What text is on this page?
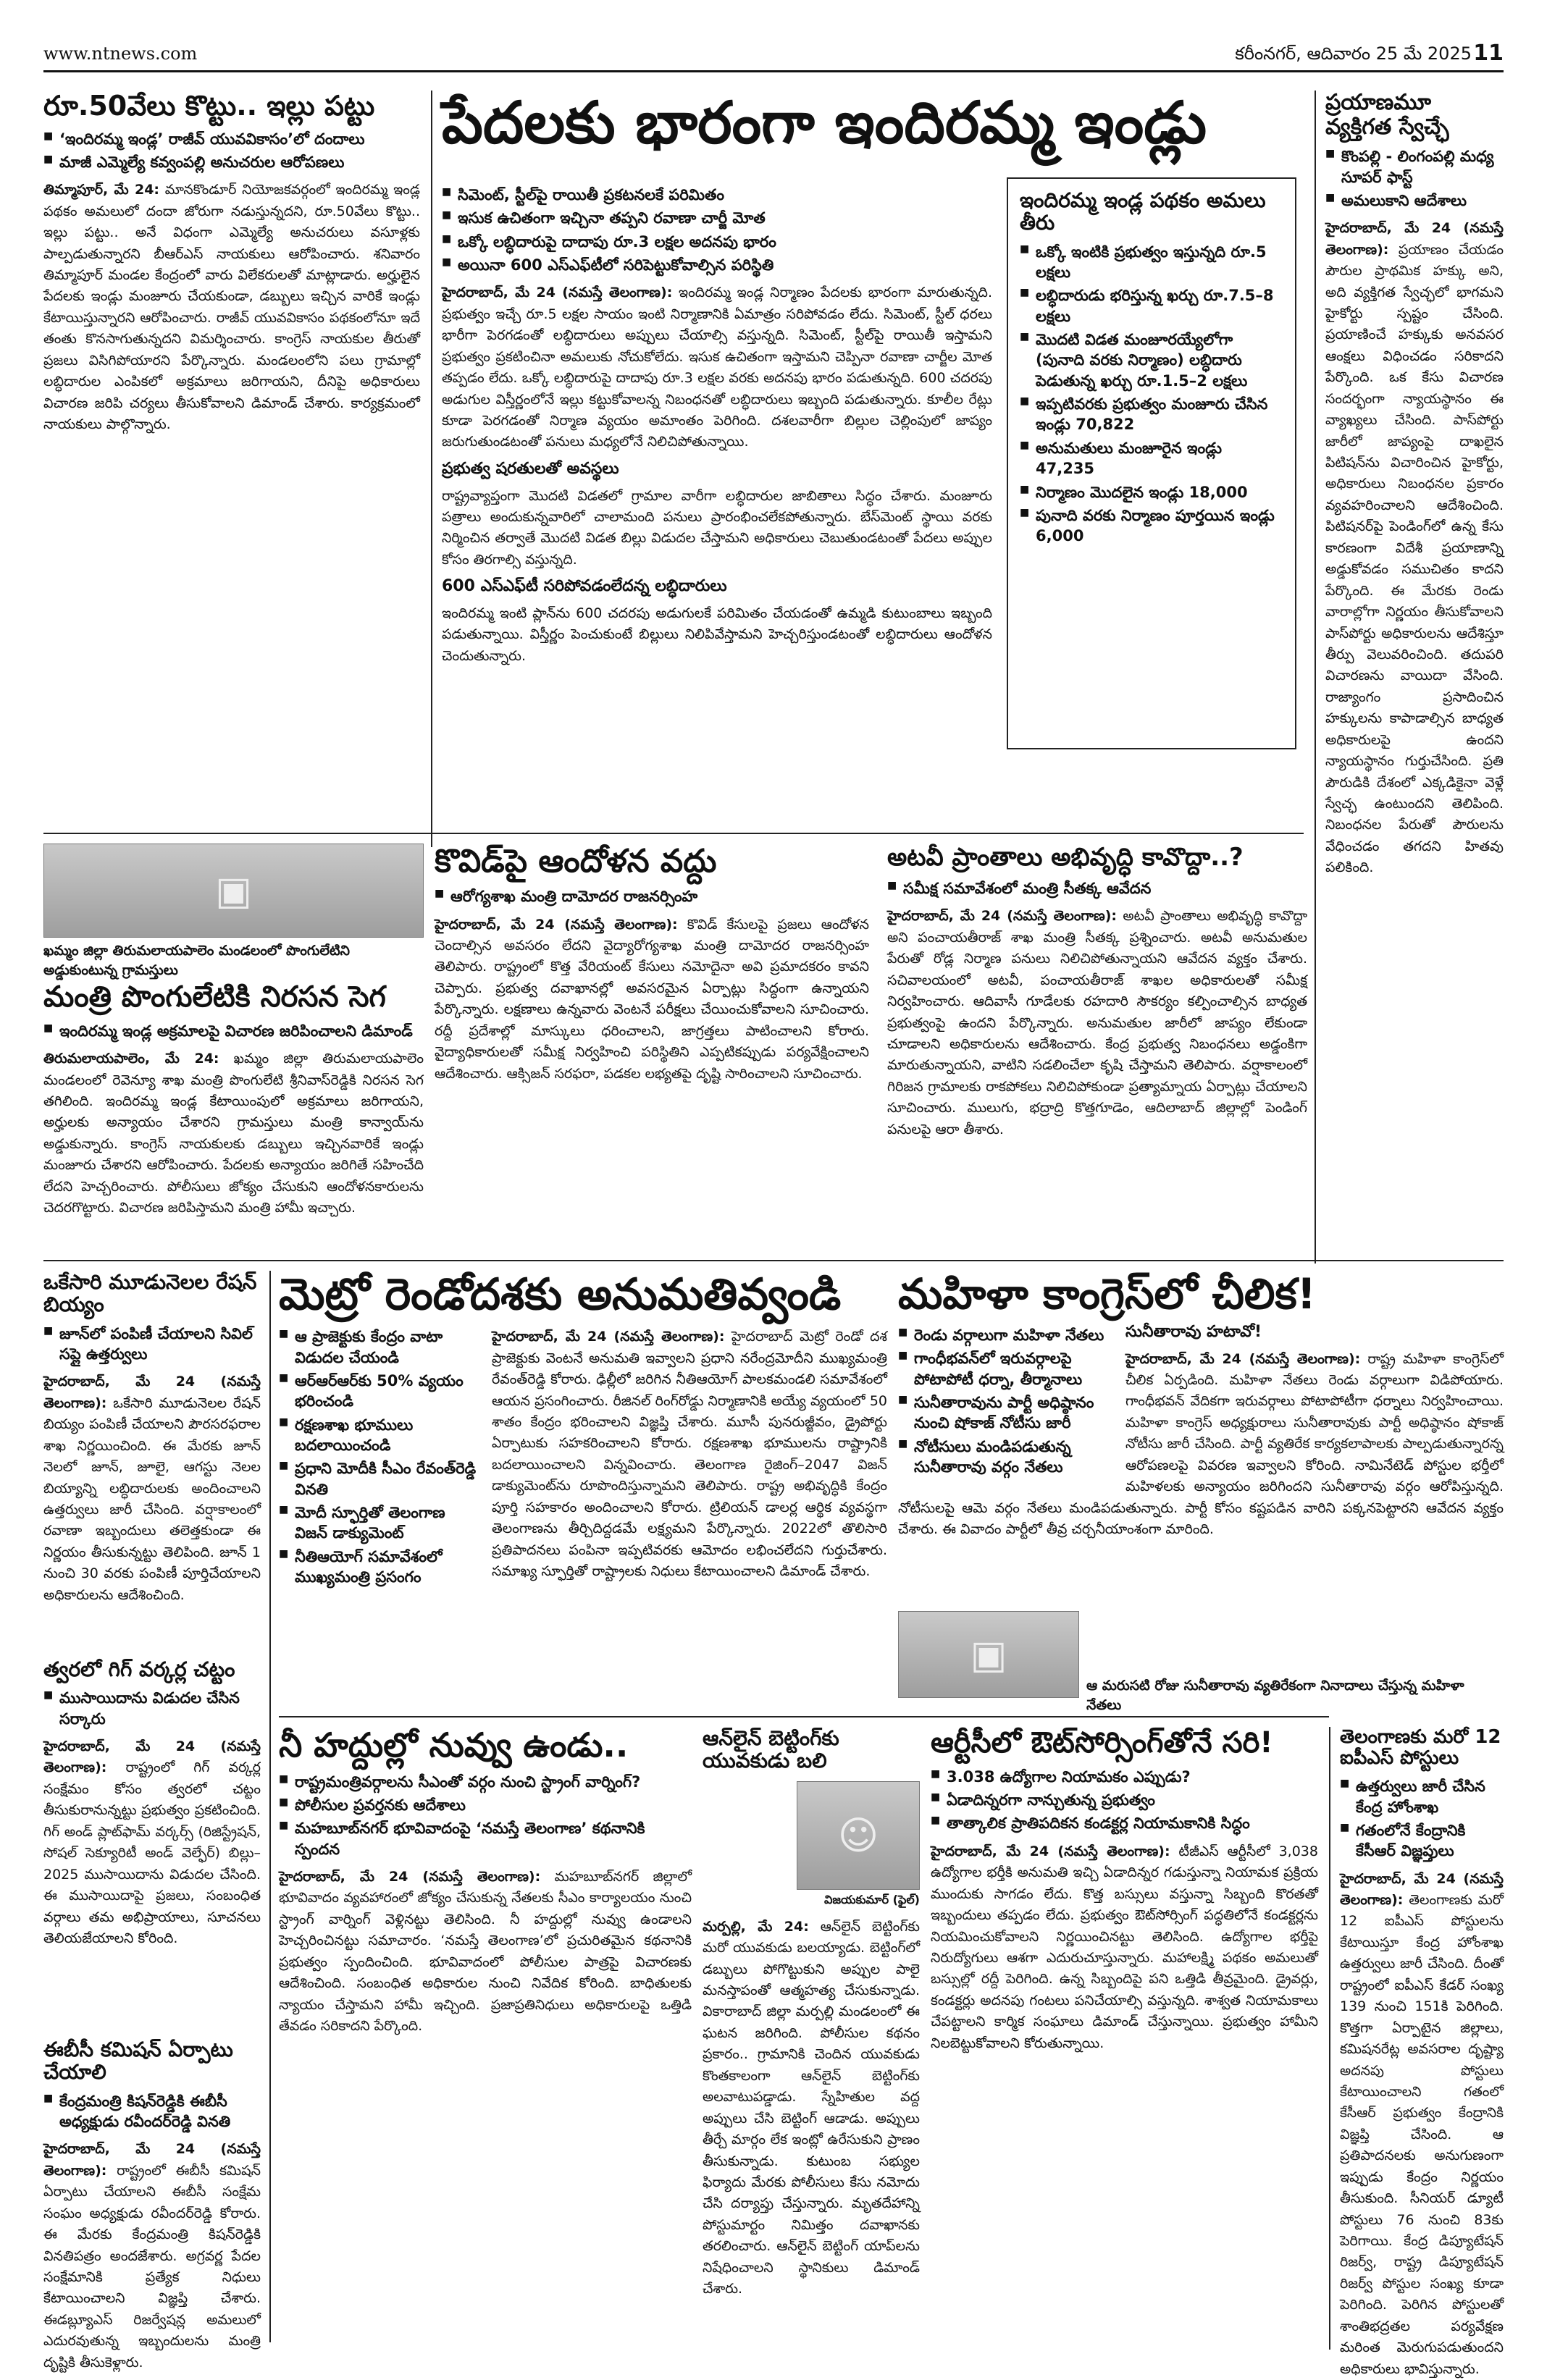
www.ntnews.com	కరీంనగర్, ఆదివారం 25 మే 2025 11
రూ.50వేలు కొట్టు.. ఇల్లు పట్టు
■ ‘ఇందిరమ్మ ఇండ్ల’ రాజీవ్ యువవికాసం’లో దందాలు
■ మాజీ ఎమ్మెల్యే కవ్వంపల్లి అనుచరుల ఆరోపణలు
తిమ్మాపూర్, మే 24: మానకొండూర్ నియోజకవర్గంలో ఇందిరమ్మ ఇండ్ల పథకం అమలులో దందా జోరుగా నడుస్తున్నదని, రూ.50వేలు కొట్టు.. ఇల్లు పట్టు.. అనే విధంగా ఎమ్మెల్యే అనుచరులు వసూళ్లకు పాల్పడుతున్నారని బీఆర్ఎస్ నాయకులు ఆరోపించారు. శనివారం తిమ్మాపూర్ మండల కేంద్రంలో వారు విలేకరులతో మాట్లాడారు. అర్హులైన పేదలకు ఇండ్లు మంజూరు చేయకుండా, డబ్బులు ఇచ్చిన వారికే ఇండ్లు కేటాయిస్తున్నారని ఆరోపించారు. రాజీవ్ యువవికాసం పథకంలోనూ ఇదే తంతు కొనసాగుతున్నదని విమర్శించారు. కాంగ్రెస్ నాయకుల తీరుతో ప్రజలు విసిగిపోయారని పేర్కొన్నారు. మండలంలోని పలు గ్రామాల్లో లబ్ధిదారుల ఎంపికలో అక్రమాలు జరిగాయని, దీనిపై అధికారులు విచారణ జరిపి చర్యలు తీసుకోవాలని డిమాండ్ చేశారు. కార్యక్రమంలో నాయకులు పాల్గొన్నారు.
పేదలకు భారంగా ఇందిరమ్మ ఇండ్లు
ఇందిరమ్మ ఇండ్ల పథకం అమలు తీరు
■ ఒక్కో ఇంటికి ప్రభుత్వం ఇస్తున్నది రూ.5 లక్షలు
■ లబ్ధిదారుడు భరిస్తున్న ఖర్చు రూ.7.5–8 లక్షలు
■ మొదటి విడత మంజూరయ్యేలోగా (పునాది వరకు నిర్మాణం) లబ్ధిదారు పెడుతున్న ఖర్చు రూ.1.5–2 లక్షలు
■ ఇప్పటివరకు ప్రభుత్వం మంజూరు చేసిన ఇండ్లు 70,822
■ అనుమతులు మంజూరైన ఇండ్లు 47,235
■ నిర్మాణం మొదలైన ఇండ్లు 18,000
■ పునాది వరకు నిర్మాణం పూర్తయిన ఇండ్లు 6,000
■ సిమెంట్, స్టీల్‌పై రాయితీ ప్రకటనలకే పరిమితం
■ ఇసుక ఉచితంగా ఇచ్చినా తప్పని రవాణా చార్జీ మోత
■ ఒక్కో లబ్ధిదారుపై దాదాపు రూ.3 లక్షల అదనపు భారం
■ అయినా 600 ఎస్ఎఫ్‌టీలో సరిపెట్టుకోవాల్సిన పరిస్థితి
హైదరాబాద్, మే 24 (నమస్తే తెలంగాణ): ఇందిరమ్మ ఇండ్ల నిర్మాణం పేదలకు భారంగా మారుతున్నది. ప్రభుత్వం ఇచ్చే రూ.5 లక్షల సాయం ఇంటి నిర్మాణానికి ఏమాత్రం సరిపోవడం లేదు. సిమెంట్, స్టీల్ ధరలు భారీగా పెరగడంతో లబ్ధిదారులు అప్పులు చేయాల్సి వస్తున్నది. సిమెంట్, స్టీల్‌పై రాయితీ ఇస్తామని ప్రభుత్వం ప్రకటించినా అమలుకు నోచుకోలేదు. ఇసుక ఉచితంగా ఇస్తామని చెప్పినా రవాణా చార్జీల మోత తప్పడం లేదు. ఒక్కో లబ్ధిదారుపై దాదాపు రూ.3 లక్షల వరకు అదనపు భారం పడుతున్నది. 600 చదరపు అడుగుల విస్తీర్ణంలోనే ఇల్లు కట్టుకోవాలన్న నిబంధనతో లబ్ధిదారులు ఇబ్బంది పడుతున్నారు. కూలీల రేట్లు కూడా పెరగడంతో నిర్మాణ వ్యయం అమాంతం పెరిగింది. దశలవారీగా బిల్లుల చెల్లింపులో జాప్యం జరుగుతుండటంతో పనులు మధ్యలోనే నిలిచిపోతున్నాయి.
ప్రభుత్వ షరతులతో అవస్థలు
రాష్ట్రవ్యాప్తంగా మొదటి విడతలో గ్రామాల వారీగా లబ్ధిదారుల జాబితాలు సిద్ధం చేశారు. మంజూరు పత్రాలు అందుకున్నవారిలో చాలామంది పనులు ప్రారంభించలేకపోతున్నారు. బేస్‌మెంట్ స్థాయి వరకు నిర్మించిన తర్వాతే మొదటి విడత బిల్లు విడుదల చేస్తామని అధికారులు చెబుతుండటంతో పేదలు అప్పుల కోసం తిరగాల్సి వస్తున్నది.
600 ఎస్ఎఫ్‌టీ సరిపోవడంలేదన్న లబ్ధిదారులు
ఇందిరమ్మ ఇంటి ప్లాన్‌ను 600 చదరపు అడుగులకే పరిమితం చేయడంతో ఉమ్మడి కుటుంబాలు ఇబ్బంది పడుతున్నాయి. విస్తీర్ణం పెంచుకుంటే బిల్లులు నిలిపివేస్తామని హెచ్చరిస్తుండటంతో లబ్ధిదారులు ఆందోళన చెందుతున్నారు.
ప్రయాణమూ వ్యక్తిగత స్వేచ్ఛే
■ కొంపల్లి - లింగంపల్లి మధ్య సూపర్ ఫాస్ట్
■ అమలుకాని ఆదేశాలు
హైదరాబాద్, మే 24 (నమస్తే తెలంగాణ): ప్రయాణం చేయడం పౌరుల ప్రాథమిక హక్కు అని, అది వ్యక్తిగత స్వేచ్ఛలో భాగమని హైకోర్టు స్పష్టం చేసింది. ప్రయాణించే హక్కుకు అనవసర ఆంక్షలు విధించడం సరికాదని పేర్కొంది. ఒక కేసు విచారణ సందర్భంగా న్యాయస్థానం ఈ వ్యాఖ్యలు చేసింది. పాస్‌పోర్టు జారీలో జాప్యంపై దాఖలైన పిటిషన్‌ను విచారించిన హైకోర్టు, అధికారులు నిబంధనల ప్రకారం వ్యవహరించాలని ఆదేశించింది. పిటిషనర్‌పై పెండింగ్‌లో ఉన్న కేసు కారణంగా విదేశీ ప్రయాణాన్ని అడ్డుకోవడం సముచితం కాదని పేర్కొంది. ఈ మేరకు రెండు వారాల్లోగా నిర్ణయం తీసుకోవాలని పాస్‌పోర్టు అధికారులను ఆదేశిస్తూ తీర్పు వెలువరించింది. తదుపరి విచారణను వాయిదా వేసింది. రాజ్యాంగం ప్రసాదించిన హక్కులను కాపాడాల్సిన బాధ్యత అధికారులపై ఉందని న్యాయస్థానం గుర్తుచేసింది. ప్రతి పౌరుడికి దేశంలో ఎక్కడికైనా వెళ్లే స్వేచ్ఛ ఉంటుందని తెలిపింది. నిబంధనల పేరుతో పౌరులను వేధించడం తగదని హితవు పలికింది.
కొవిడ్‌పై ఆందోళన వద్దు
■ ఆరోగ్యశాఖ మంత్రి దామోదర రాజనర్సింహ
హైదరాబాద్, మే 24 (నమస్తే తెలంగాణ): కొవిడ్ కేసులపై ప్రజలు ఆందోళన చెందాల్సిన అవసరం లేదని వైద్యారోగ్యశాఖ మంత్రి దామోదర రాజనర్సింహ తెలిపారు. రాష్ట్రంలో కొత్త వేరియంట్ కేసులు నమోదైనా అవి ప్రమాదకరం కావని చెప్పారు. ప్రభుత్వ దవాఖానల్లో అవసరమైన ఏర్పాట్లు సిద్ధంగా ఉన్నాయని పేర్కొన్నారు. లక్షణాలు ఉన్నవారు వెంటనే పరీక్షలు చేయించుకోవాలని సూచించారు. రద్దీ ప్రదేశాల్లో మాస్కులు ధరించాలని, జాగ్రత్తలు పాటించాలని కోరారు. వైద్యాధికారులతో సమీక్ష నిర్వహించి పరిస్థితిని ఎప్పటికప్పుడు పర్యవేక్షించాలని ఆదేశించారు. ఆక్సిజన్ సరఫరా, పడకల లభ్యతపై దృష్టి సారించాలని సూచించారు.
అటవీ ప్రాంతాలు అభివృద్ధి కావొద్దా..?
■ సమీక్ష సమావేశంలో మంత్రి సీతక్క ఆవేదన
హైదరాబాద్, మే 24 (నమస్తే తెలంగాణ): అటవీ ప్రాంతాలు అభివృద్ధి కావొద్దా అని పంచాయతీరాజ్ శాఖ మంత్రి సీతక్క ప్రశ్నించారు. అటవీ అనుమతుల పేరుతో రోడ్ల నిర్మాణ పనులు నిలిచిపోతున్నాయని ఆవేదన వ్యక్తం చేశారు. సచివాలయంలో అటవీ, పంచాయతీరాజ్ శాఖల అధికారులతో సమీక్ష నిర్వహించారు. ఆదివాసీ గూడేలకు రహదారి సౌకర్యం కల్పించాల్సిన బాధ్యత ప్రభుత్వంపై ఉందని పేర్కొన్నారు. అనుమతుల జారీలో జాప్యం లేకుండా చూడాలని అధికారులను ఆదేశించారు. కేంద్ర ప్రభుత్వ నిబంధనలు అడ్డంకిగా మారుతున్నాయని, వాటిని సడలించేలా కృషి చేస్తామని తెలిపారు. వర్షాకాలంలో గిరిజన గ్రామాలకు రాకపోకలు నిలిచిపోకుండా ప్రత్యామ్నాయ ఏర్పాట్లు చేయాలని సూచించారు. ములుగు, భద్రాద్రి కొత్తగూడెం, ఆదిలాబాద్ జిల్లాల్లో పెండింగ్ పనులపై ఆరా తీశారు.
▣
ఖమ్మం జిల్లా తిరుమలాయపాలెం మండలంలో పొంగులేటిని అడ్డుకుంటున్న గ్రామస్తులు
మంత్రి పొంగులేటికి నిరసన సెగ
■ ఇందిరమ్మ ఇండ్ల అక్రమాలపై విచారణ జరిపించాలని డిమాండ్
తిరుమలాయపాలెం, మే 24: ఖమ్మం జిల్లా తిరుమలాయపాలెం మండలంలో రెవెన్యూ శాఖ మంత్రి పొంగులేటి శ్రీనివాస్‌రెడ్డికి నిరసన సెగ తగిలింది. ఇందిరమ్మ ఇండ్ల కేటాయింపులో అక్రమాలు జరిగాయని, అర్హులకు అన్యాయం చేశారని గ్రామస్తులు మంత్రి కాన్వాయ్‌ను అడ్డుకున్నారు. కాంగ్రెస్ నాయకులకు డబ్బులు ఇచ్చినవారికే ఇండ్లు మంజూరు చేశారని ఆరోపించారు. పేదలకు అన్యాయం జరిగితే సహించేది లేదని హెచ్చరించారు. పోలీసులు జోక్యం చేసుకుని ఆందోళనకారులను చెదరగొట్టారు. విచారణ జరిపిస్తామని మంత్రి హామీ ఇచ్చారు.
ఒకేసారి మూడునెలల రేషన్ బియ్యం
■ జూన్‌లో పంపిణీ చేయాలని సివిల్ సప్లై ఉత్తర్వులు
హైదరాబాద్, మే 24 (నమస్తే తెలంగాణ): ఒకేసారి మూడునెలల రేషన్ బియ్యం పంపిణీ చేయాలని పౌరసరఫరాల శాఖ నిర్ణయించింది. ఈ మేరకు జూన్ నెలలో జూన్, జూలై, ఆగస్టు నెలల బియ్యాన్ని లబ్ధిదారులకు అందించాలని ఉత్తర్వులు జారీ చేసింది. వర్షాకాలంలో రవాణా ఇబ్బందులు తలెత్తకుండా ఈ నిర్ణయం తీసుకున్నట్టు తెలిపింది. జూన్ 1 నుంచి 30 వరకు పంపిణీ పూర్తిచేయాలని అధికారులను ఆదేశించింది.
త్వరలో గిగ్ వర్కర్ల చట్టం
■ ముసాయిదాను విడుదల చేసిన సర్కారు
హైదరాబాద్, మే 24 (నమస్తే తెలంగాణ): రాష్ట్రంలో గిగ్ వర్కర్ల సంక్షేమం కోసం త్వరలో చట్టం తీసుకురానున్నట్టు ప్రభుత్వం ప్రకటించింది. గిగ్ అండ్ ప్లాట్‌ఫామ్ వర్కర్స్ (రిజిస్ట్రేషన్, సోషల్ సెక్యూరిటీ అండ్ వెల్ఫేర్) బిల్లు–2025 ముసాయిదాను విడుదల చేసింది. ఈ ముసాయిదాపై ప్రజలు, సంబంధిత వర్గాలు తమ అభిప్రాయాలు, సూచనలు తెలియజేయాలని కోరింది.
ఈబీసీ కమిషన్ ఏర్పాటు చేయాలి
■ కేంద్రమంత్రి కిషన్‌రెడ్డికి ఈబీసీ అధ్యక్షుడు రవీందర్‌రెడ్డి వినతి
హైదరాబాద్, మే 24 (నమస్తే తెలంగాణ): రాష్ట్రంలో ఈబీసీ కమిషన్ ఏర్పాటు చేయాలని ఈబీసీ సంక్షేమ సంఘం అధ్యక్షుడు రవీందర్‌రెడ్డి కోరారు. ఈ మేరకు కేంద్రమంత్రి కిషన్‌రెడ్డికి వినతిపత్రం అందజేశారు. అగ్రవర్ణ పేదల సంక్షేమానికి ప్రత్యేక నిధులు కేటాయించాలని విజ్ఞప్తి చేశారు. ఈడబ్ల్యూఎస్ రిజర్వేషన్ల అమలులో ఎదురవుతున్న ఇబ్బందులను మంత్రి దృష్టికి తీసుకెళ్లారు.
మెట్రో రెండోదశకు అనుమతివ్వండి
■ ఆ ప్రాజెక్టుకు కేంద్రం వాటా విడుదల చేయండి
■ ఆర్ఆర్ఆర్‌కు 50% వ్యయం భరించండి
■ రక్షణశాఖ భూములు బదలాయించండి
■ ప్రధాని మోదీకి సీఎం రేవంత్‌రెడ్డి వినతి
■ మోదీ స్ఫూర్తితో తెలంగాణ విజన్ డాక్యుమెంట్
■ నీతిఆయోగ్ సమావేశంలో ముఖ్యమంత్రి ప్రసంగం
హైదరాబాద్, మే 24 (నమస్తే తెలంగాణ): హైదరాబాద్ మెట్రో రెండో దశ ప్రాజెక్టుకు వెంటనే అనుమతి ఇవ్వాలని ప్రధాని నరేంద్రమోదీని ముఖ్యమంత్రి రేవంత్‌రెడ్డి కోరారు. ఢిల్లీలో జరిగిన నీతిఆయోగ్ పాలకమండలి సమావేశంలో ఆయన ప్రసంగించారు. రీజినల్ రింగ్‌రోడ్డు నిర్మాణానికి అయ్యే వ్యయంలో 50 శాతం కేంద్రం భరించాలని విజ్ఞప్తి చేశారు. మూసీ పునరుజ్జీవం, డ్రైపోర్టు ఏర్పాటుకు సహకరించాలని కోరారు. రక్షణశాఖ భూములను రాష్ట్రానికి బదలాయించాలని విన్నవించారు. తెలంగాణ రైజింగ్–2047 విజన్ డాక్యుమెంట్‌ను రూపొందిస్తున్నామని తెలిపారు. రాష్ట్ర అభివృద్ధికి కేంద్రం పూర్తి సహకారం అందించాలని కోరారు. ట్రిలియన్ డాలర్ల ఆర్థిక వ్యవస్థగా తెలంగాణను తీర్చిదిద్దడమే లక్ష్యమని పేర్కొన్నారు. 2022లో తొలిసారి ప్రతిపాదనలు పంపినా ఇప్పటివరకు ఆమోదం లభించలేదని గుర్తుచేశారు. సమాఖ్య స్ఫూర్తితో రాష్ట్రాలకు నిధులు కేటాయించాలని డిమాండ్ చేశారు.
మహిళా కాంగ్రెస్‌లో చీలిక!
▣
■ రెండు వర్గాలుగా మహిళా నేతలు
■ గాంధీభవన్‌లో ఇరువర్గాలపై పోటాపోటీ ధర్నా, తీర్మానాలు
■ సునీతారావును పార్టీ అధిష్ఠానం నుంచి షోకాజ్ నోటీసు జారీ
■ నోటీసులు మండిపడుతున్న సునీతారావు వర్గం నేతలు
సునీతారావు హటావో!
హైదరాబాద్, మే 24 (నమస్తే తెలంగాణ): రాష్ట్ర మహిళా కాంగ్రెస్‌లో చీలిక ఏర్పడింది. మహిళా నేతలు రెండు వర్గాలుగా విడిపోయారు. గాంధీభవన్ వేదికగా ఇరువర్గాలు పోటాపోటీగా ధర్నాలు నిర్వహించాయి. మహిళా కాంగ్రెస్ అధ్యక్షురాలు సునీతారావుకు పార్టీ అధిష్ఠానం షోకాజ్ నోటీసు జారీ చేసింది. పార్టీ వ్యతిరేక కార్యకలాపాలకు పాల్పడుతున్నారన్న ఆరోపణలపై వివరణ ఇవ్వాలని కోరింది. నామినేటెడ్ పోస్టుల భర్తీలో మహిళలకు అన్యాయం జరిగిందని సునీతారావు వర్గం ఆరోపిస్తున్నది. నోటీసులపై ఆమె వర్గం నేతలు మండిపడుతున్నారు. పార్టీ కోసం కష్టపడిన వారిని పక్కనపెట్టారని ఆవేదన వ్యక్తం చేశారు. ఈ వివాదం పార్టీలో తీవ్ర చర్చనీయాంశంగా మారింది.
ఆ మరుసటి రోజు సునీతారావు వ్యతిరేకంగా నినాదాలు చేస్తున్న మహిళా నేతలు
నీ హద్దుల్లో నువ్వు ఉండు..
■ రాష్ట్రమంత్రివర్గాలను సీఎంతో వర్గం నుంచి స్ట్రాంగ్ వార్నింగ్?
■ పోలీసుల ప్రవర్తనకు ఆదేశాలు
■ మహబూబ్‌నగర్ భూవివాదంపై ‘నమస్తే తెలంగాణ’ కథనానికి స్పందన
హైదరాబాద్, మే 24 (నమస్తే తెలంగాణ): మహబూబ్‌నగర్ జిల్లాలో భూవివాదం వ్యవహారంలో జోక్యం చేసుకున్న నేతలకు సీఎం కార్యాలయం నుంచి స్ట్రాంగ్ వార్నింగ్ వెళ్లినట్టు తెలిసింది. నీ హద్దుల్లో నువ్వు ఉండాలని హెచ్చరించినట్టు సమాచారం. ‘నమస్తే తెలంగాణ’లో ప్రచురితమైన కథనానికి ప్రభుత్వం స్పందించింది. భూవివాదంలో పోలీసుల పాత్రపై విచారణకు ఆదేశించింది. సంబంధిత అధికారుల నుంచి నివేదిక కోరింది. బాధితులకు న్యాయం చేస్తామని హామీ ఇచ్చింది. ప్రజాప్రతినిధులు అధికారులపై ఒత్తిడి తేవడం సరికాదని పేర్కొంది.
ఆన్‌లైన్ బెట్టింగ్‌కు యువకుడు బలి
☺
విజయకుమార్ (ఫైల్)
మర్పల్లి, మే 24: ఆన్‌లైన్ బెట్టింగ్‌కు మరో యువకుడు బలయ్యాడు. బెట్టింగ్‌లో డబ్బులు పోగొట్టుకుని అప్పుల పాలై మనస్తాపంతో ఆత్మహత్య చేసుకున్నాడు. వికారాబాద్ జిల్లా మర్పల్లి మండలంలో ఈ ఘటన జరిగింది. పోలీసుల కథనం ప్రకారం.. గ్రామానికి చెందిన యువకుడు కొంతకాలంగా ఆన్‌లైన్ బెట్టింగ్‌కు అలవాటుపడ్డాడు. స్నేహితుల వద్ద అప్పులు చేసి బెట్టింగ్ ఆడాడు. అప్పులు తీర్చే మార్గం లేక ఇంట్లో ఉరేసుకుని ప్రాణం తీసుకున్నాడు. కుటుంబ సభ్యుల ఫిర్యాదు మేరకు పోలీసులు కేసు నమోదు చేసి దర్యాప్తు చేస్తున్నారు. మృతదేహాన్ని పోస్టుమార్టం నిమిత్తం దవాఖానకు తరలించారు. ఆన్‌లైన్ బెట్టింగ్ యాప్‌లను నిషేధించాలని స్థానికులు డిమాండ్ చేశారు.
ఆర్టీసీలో ఔట్‌సోర్సింగ్‌తోనే సరి!
■ 3.038 ఉద్యోగాల నియామకం ఎప్పుడు?
■ ఏడాదిన్నరగా నాన్చుతున్న ప్రభుత్వం
■ తాత్కాలిక ప్రాతిపదికన కండక్టర్ల నియామకానికి సిద్ధం
హైదరాబాద్, మే 24 (నమస్తే తెలంగాణ): టీజీఎస్ ఆర్టీసీలో 3,038 ఉద్యోగాల భర్తీకి అనుమతి ఇచ్చి ఏడాదిన్నర గడుస్తున్నా నియామక ప్రక్రియ ముందుకు సాగడం లేదు. కొత్త బస్సులు వస్తున్నా సిబ్బంది కొరతతో ఇబ్బందులు తప్పడం లేదు. ప్రభుత్వం ఔట్‌సోర్సింగ్ పద్ధతిలోనే కండక్టర్లను నియమించుకోవాలని నిర్ణయించినట్టు తెలిసింది. ఉద్యోగాల భర్తీపై నిరుద్యోగులు ఆశగా ఎదురుచూస్తున్నారు. మహాలక్ష్మి పథకం అమలుతో బస్సుల్లో రద్దీ పెరిగింది. ఉన్న సిబ్బందిపై పని ఒత్తిడి తీవ్రమైంది. డ్రైవర్లు, కండక్టర్లు అదనపు గంటలు పనిచేయాల్సి వస్తున్నది. శాశ్వత నియామకాలు చేపట్టాలని కార్మిక సంఘాలు డిమాండ్ చేస్తున్నాయి. ప్రభుత్వం హామీని నిలబెట్టుకోవాలని కోరుతున్నాయి.
తెలంగాణకు మరో 12 ఐపీఎస్ పోస్టులు
■ ఉత్తర్వులు జారీ చేసిన కేంద్ర హోంశాఖ
■ గతంలోనే కేంద్రానికి కేసీఆర్ విజ్ఞప్తులు
హైదరాబాద్, మే 24 (నమస్తే తెలంగాణ): తెలంగాణకు మరో 12 ఐపీఎస్ పోస్టులను కేటాయిస్తూ కేంద్ర హోంశాఖ ఉత్తర్వులు జారీ చేసింది. దీంతో రాష్ట్రంలో ఐపీఎస్ కేడర్ సంఖ్య 139 నుంచి 151కి పెరిగింది. కొత్తగా ఏర్పాటైన జిల్లాలు, కమిషనరేట్ల అవసరాల దృష్ట్యా అదనపు పోస్టులు కేటాయించాలని గతంలో కేసీఆర్ ప్రభుత్వం కేంద్రానికి విజ్ఞప్తి చేసింది. ఆ ప్రతిపాదనలకు అనుగుణంగా ఇప్పుడు కేంద్రం నిర్ణయం తీసుకుంది. సీనియర్ డ్యూటీ పోస్టులు 76 నుంచి 83కు పెరిగాయి. కేంద్ర డిప్యూటేషన్ రిజర్వ్, రాష్ట్ర డిప్యూటేషన్ రిజర్వ్ పోస్టుల సంఖ్య కూడా పెరిగింది. పెరిగిన పోస్టులతో శాంతిభద్రతల పర్యవేక్షణ మరింత మెరుగుపడుతుందని అధికారులు భావిస్తున్నారు.
